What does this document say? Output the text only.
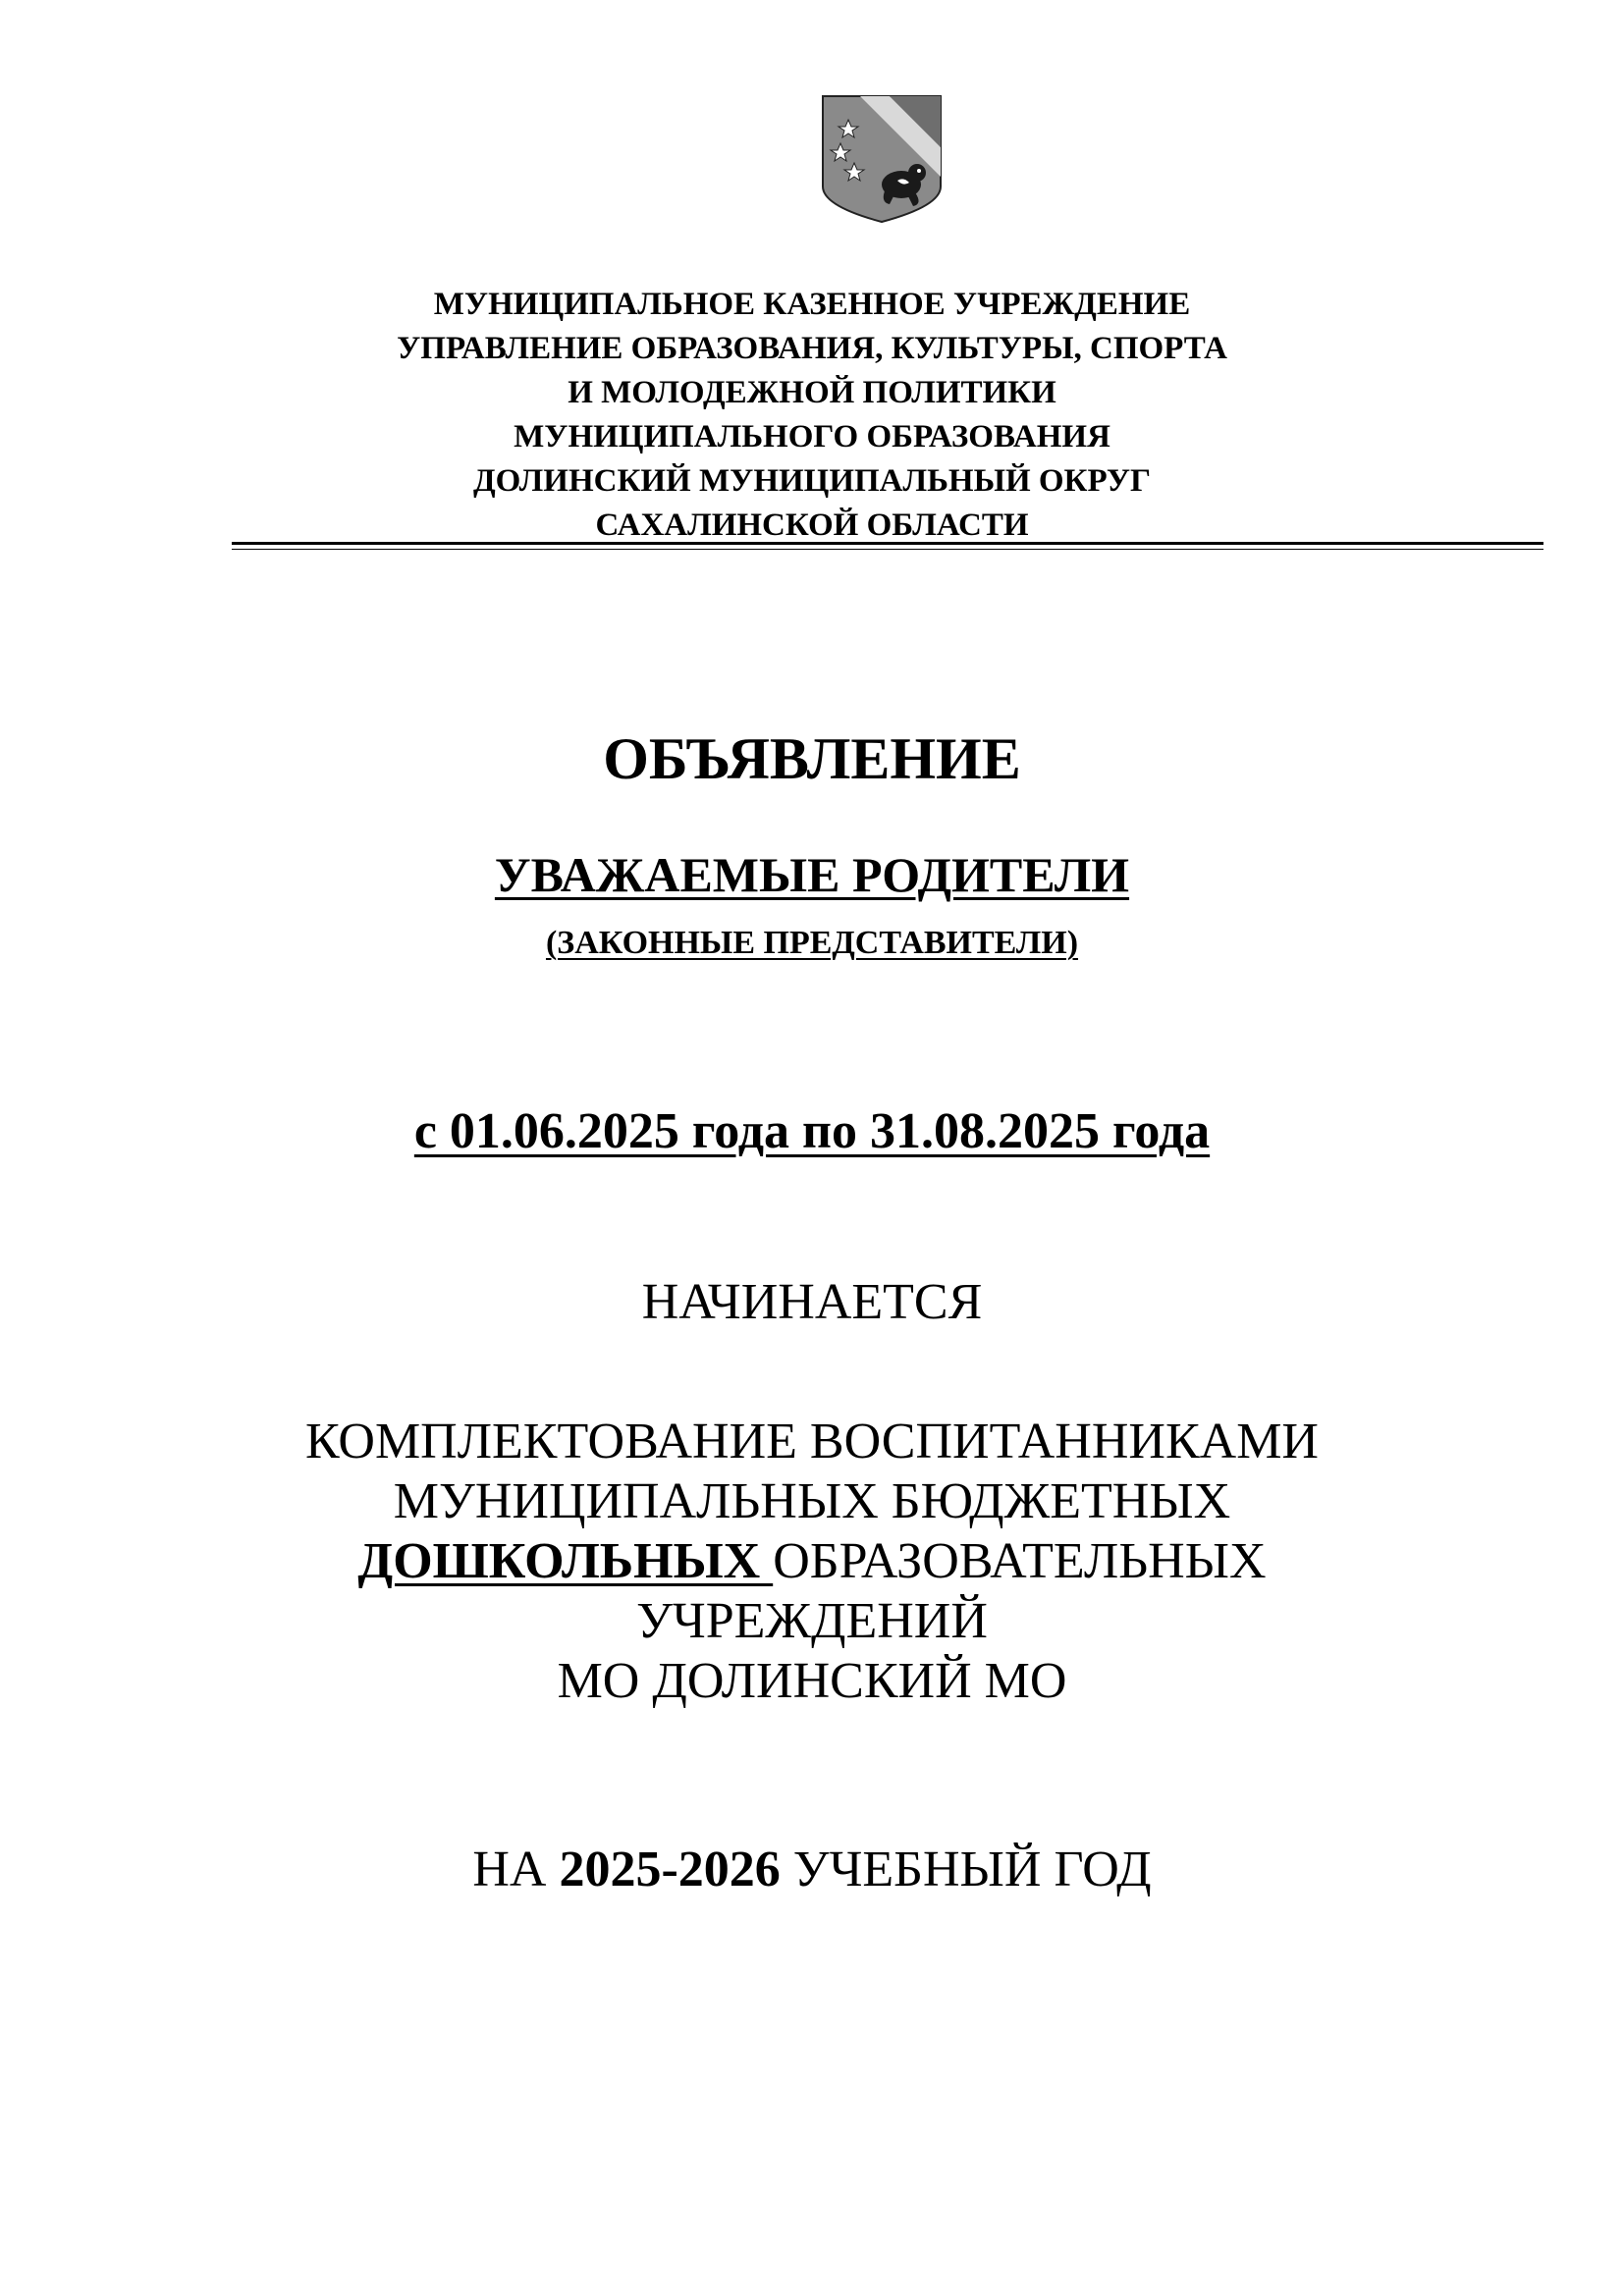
МУНИЦИПАЛЬНОЕ КАЗЕННОЕ УЧРЕЖДЕНИЕ
УПРАВЛЕНИЕ ОБРАЗОВАНИЯ, КУЛЬТУРЫ, СПОРТА
И МОЛОДЕЖНОЙ ПОЛИТИКИ
МУНИЦИПАЛЬНОГО ОБРАЗОВАНИЯ
ДОЛИНСКИЙ МУНИЦИПАЛЬНЫЙ ОКРУГ
САХАЛИНСКОЙ ОБЛАСТИ
ОБЪЯВЛЕНИЕ
УВАЖАЕМЫЕ РОДИТЕЛИ
(ЗАКОННЫЕ ПРЕДСТАВИТЕЛИ)
с 01.06.2025 года по 31.08.2025 года
НАЧИНАЕТСЯ
КОМПЛЕКТОВАНИЕ ВОСПИТАННИКАМИ
МУНИЦИПАЛЬНЫХ БЮДЖЕТНЫХ
ДОШКОЛЬНЫХ ОБРАЗОВАТЕЛЬНЫХ
УЧРЕЖДЕНИЙ
МО ДОЛИНСКИЙ МО
НА 2025-2026 УЧЕБНЫЙ ГОД
